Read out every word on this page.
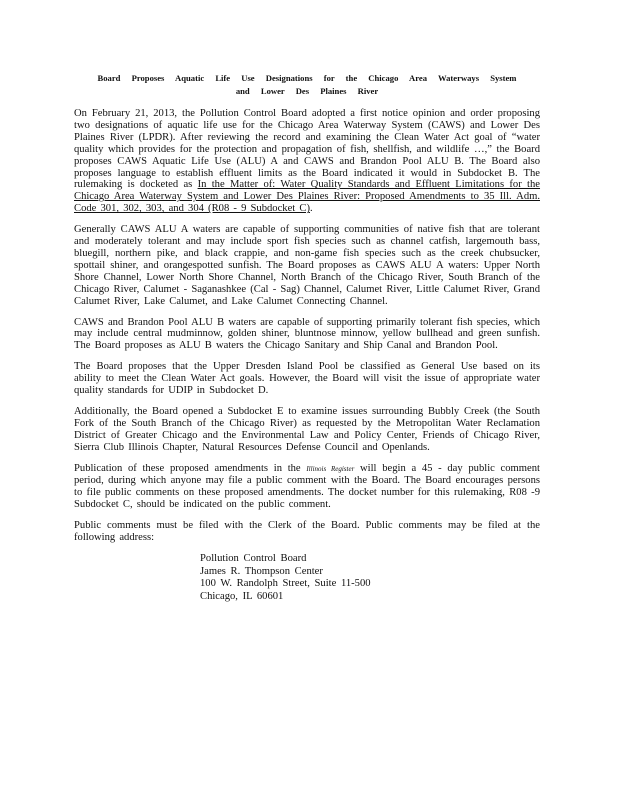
Board Proposes Aquatic Life Use Designations for the Chicago Area Waterways System
and Lower Des Plaines River

On February 21, 2013, the Pollution Control Board adopted a first notice opinion and order proposing two designations of aquatic life use for the Chicago Area Waterway System (CAWS) and Lower Des Plaines River (LPDR). After reviewing the record and examining the Clean Water Act goal of “water quality which provides for the protection and propagation of fish, shellfish, and wildlife …,” the Board proposes CAWS Aquatic Life Use (ALU) A and CAWS and Brandon Pool ALU B. The Board also proposes language to establish effluent limits as the Board indicated it would in Subdocket B. The rulemaking is docketed as In the Matter of: Water Quality Standards and Effluent Limitations for the Chicago Area Waterway System and Lower Des Plaines River: Proposed Amendments to 35 Ill. Adm. Code 301, 302, 303, and 304 (R08 - 9 Subdocket C).

Generally CAWS ALU A waters are capable of supporting communities of native fish that are tolerant and moderately tolerant and may include sport fish species such as channel catfish, largemouth bass, bluegill, northern pike, and black crappie, and non-game fish species such as the creek chubsucker, spottail shiner, and orangespotted sunfish. The Board proposes as CAWS ALU A waters: Upper North Shore Channel, Lower North Shore Channel, North Branch of the Chicago River, South Branch of the Chicago River, Calumet - Saganashkee (Cal - Sag) Channel, Calumet River, Little Calumet River, Grand Calumet River, Lake Calumet, and Lake Calumet Connecting Channel.

CAWS and Brandon Pool ALU B waters are capable of supporting primarily tolerant fish species, which may include central mudminnow, golden shiner, bluntnose minnow, yellow bullhead and green sunfish. The Board proposes as ALU B waters the Chicago Sanitary and Ship Canal and Brandon Pool.

The Board proposes that the Upper Dresden Island Pool be classified as General Use based on its ability to meet the Clean Water Act goals. However, the Board will visit the issue of appropriate water quality standards for UDIP in Subdocket D.

Additionally, the Board opened a Subdocket E to examine issues surrounding Bubbly Creek (the South Fork of the South Branch of the Chicago River) as requested by the Metropolitan Water Reclamation District of Greater Chicago and the Environmental Law and Policy Center, Friends of Chicago River, Sierra Club Illinois Chapter, Natural Resources Defense Council and Openlands.

Publication of these proposed amendments in the Illinois Register will begin a 45 - day public comment period, during which anyone may file a public comment with the Board. The Board encourages persons to file public comments on these proposed amendments. The docket number for this rulemaking, R08 -9 Subdocket C, should be indicated on the public comment.

Public comments must be filed with the Clerk of the Board. Public comments may be filed at the following address:

Pollution Control Board
James R. Thompson Center
100 W. Randolph Street, Suite 11-500
Chicago, IL 60601
